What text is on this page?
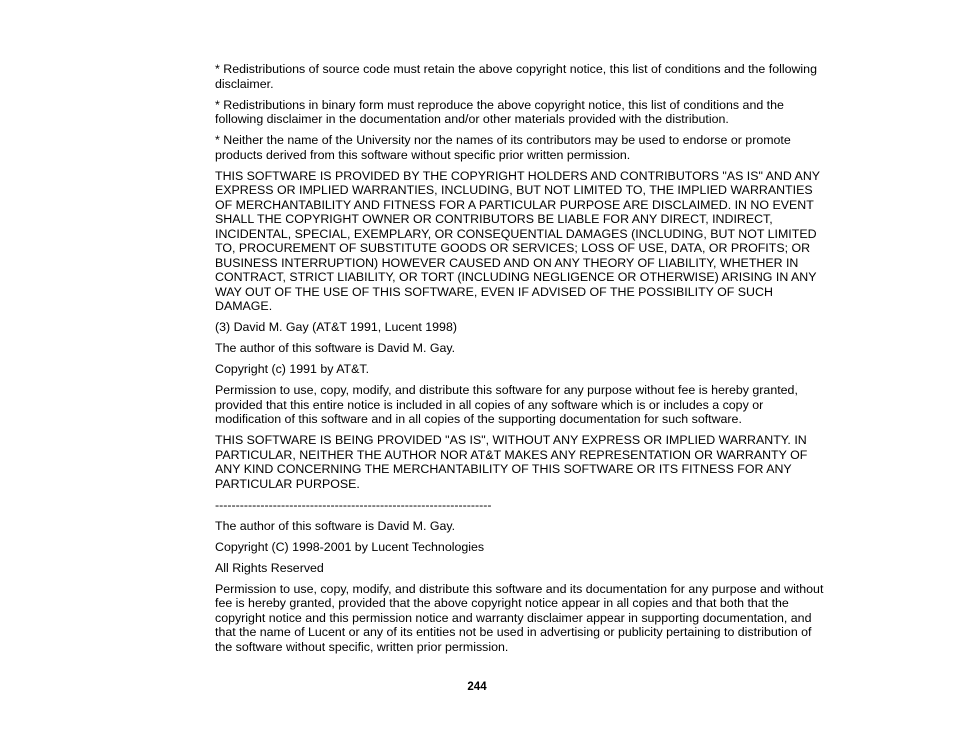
* Redistributions of source code must retain the above copyright notice, this list of conditions and the following disclaimer.

* Redistributions in binary form must reproduce the above copyright notice, this list of conditions and the following disclaimer in the documentation and/or other materials provided with the distribution.

* Neither the name of the University nor the names of its contributors may be used to endorse or promote products derived from this software without specific prior written permission.

THIS SOFTWARE IS PROVIDED BY THE COPYRIGHT HOLDERS AND CONTRIBUTORS "AS IS" AND ANY EXPRESS OR IMPLIED WARRANTIES, INCLUDING, BUT NOT LIMITED TO, THE IMPLIED WARRANTIES OF MERCHANTABILITY AND FITNESS FOR A PARTICULAR PURPOSE ARE DISCLAIMED. IN NO EVENT SHALL THE COPYRIGHT OWNER OR CONTRIBUTORS BE LIABLE FOR ANY DIRECT, INDIRECT, INCIDENTAL, SPECIAL, EXEMPLARY, OR CONSEQUENTIAL DAMAGES (INCLUDING, BUT NOT LIMITED TO, PROCUREMENT OF SUBSTITUTE GOODS OR SERVICES; LOSS OF USE, DATA, OR PROFITS; OR BUSINESS INTERRUPTION) HOWEVER CAUSED AND ON ANY THEORY OF LIABILITY, WHETHER IN CONTRACT, STRICT LIABILITY, OR TORT (INCLUDING NEGLIGENCE OR OTHERWISE) ARISING IN ANY WAY OUT OF THE USE OF THIS SOFTWARE, EVEN IF ADVISED OF THE POSSIBILITY OF SUCH DAMAGE.

(3) David M. Gay (AT&T 1991, Lucent 1998)

The author of this software is David M. Gay.

Copyright (c) 1991 by AT&T.

Permission to use, copy, modify, and distribute this software for any purpose without fee is hereby granted, provided that this entire notice is included in all copies of any software which is or includes a copy or modification of this software and in all copies of the supporting documentation for such software.

THIS SOFTWARE IS BEING PROVIDED "AS IS", WITHOUT ANY EXPRESS OR IMPLIED WARRANTY. IN PARTICULAR, NEITHER THE AUTHOR NOR AT&T MAKES ANY REPRESENTATION OR WARRANTY OF ANY KIND CONCERNING THE MERCHANTABILITY OF THIS SOFTWARE OR ITS FITNESS FOR ANY PARTICULAR PURPOSE.

-------------------------------------------------------------------

The author of this software is David M. Gay.

Copyright (C) 1998-2001 by Lucent Technologies

All Rights Reserved

Permission to use, copy, modify, and distribute this software and its documentation for any purpose and without fee is hereby granted, provided that the above copyright notice appear in all copies and that both that the copyright notice and this permission notice and warranty disclaimer appear in supporting documentation, and that the name of Lucent or any of its entities not be used in advertising or publicity pertaining to distribution of the software without specific, written prior permission.

244
